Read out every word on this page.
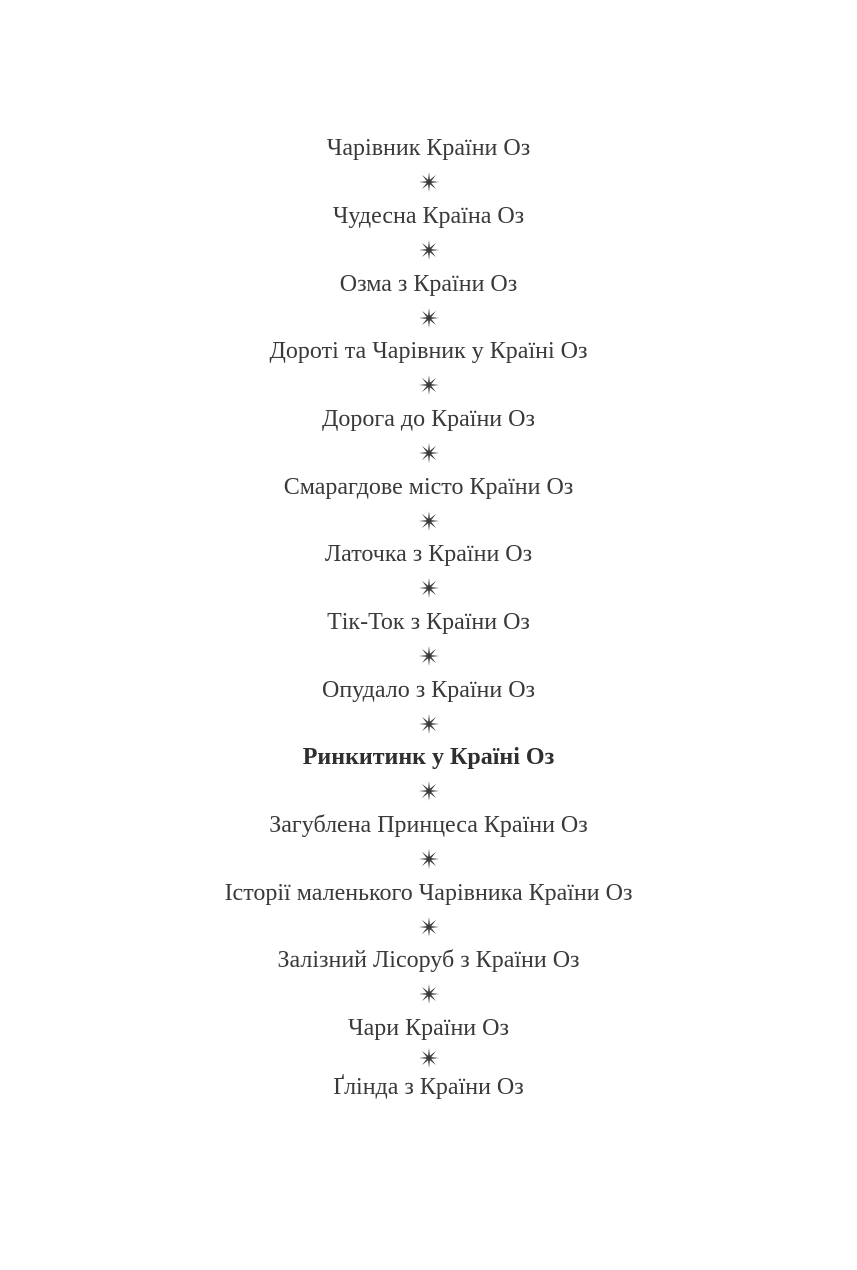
Чарівник Країни Оз
Чудесна Країна Оз
Озма з Країни Оз
Дороті та Чарівник у Країні Оз
Дорога до Країни Оз
Смарагдове місто Країни Оз
Латочка з Країни Оз
Тік-Ток з Країни Оз
Опудало з Країни Оз
Ринкитинк у Країні Оз
Загублена Принцеса Країни Оз
Історії маленького Чарівника Країни Оз
Залізний Лісоруб з Країни Оз
Чари Країни Оз
Ґлінда з Країни Оз
